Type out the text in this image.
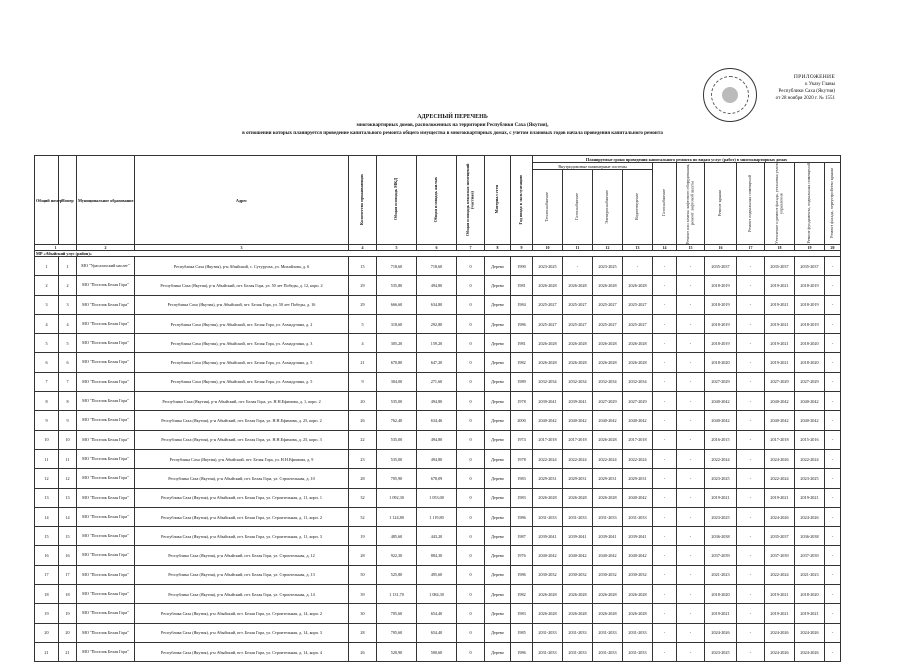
ПРИЛОЖЕНИЕ
к Указу Главы
Республики Саха (Якутия)
от 28 ноября 2020 г. № 1551
АДРЕСНЫЙ ПЕРЕЧЕНЬ
многоквартирных домов, расположенных на территории Республики Саха (Якутия),
в отношении которых планируется проведение капитального ремонта общего имущества в многоквартирных домах, с учетом плановых годов начала проведения капитального ремонта
Общий номер	Номер	Муниципальное образование	Адрес	Количество проживающих	Общая площадь МКД	Общая площадь жилых	Общая площадь нежилых помещений (частная)	Материал стен	Год ввода в эксплуатацию	Планируемые сроки проведения капитального ремонта по видам услуг (работ) в многоквартирных домах										
										Внутридомовые инженерные системы				Газоснабжение	Ремонт или замена лифтового оборудования, ремонт лифтовой шахты	Ремонт крыши	Ремонт подвальных помещений	Утепление и ремонт фасада, установка узлов управления	Ремонт фундамента, подвальных помещений	Ремонт фасада, переустройство крыши
										Теплоснабжение	Газоснабжение	Электроснабжение	Водоотведение							
1		2	3	4	5	6	7	8	9	10	11	12	13	14	15	16	17	18	19	20
МР «Абыйский улус (район)»																				
1	1	МО "Урасалахский наслег"	Республика Саха (Якутия), р-н Абыйский, с. Сутуруоха, ул. Михайлова, д. 6	15	718,60	718,60	0	Дерево	1990	2023-2025	-	2023-2025	-	-	-	2035-2037	-	2035-2037	2035-2037	-
2	2	МО "Поселок Белая Гора"	Республика Саха (Якутия), р-н Абыйский, пгт. Белая Гора, ул. 50 лет Победы, д. 12, корп. 2	29	535,80	494,80	0	Дерево	1981	2026-2028	2026-2028	2026-2028	2026-2028	-	-	2018-2019	-	2019-2021	2018-2019	-
3	3	МО "Поселок Белая Гора"	Республика Саха (Якутия), р-н Абыйский, пгт. Белая Гора, ул. 50 лет Победы, д. 16	29	666,60	634,80	0	Дерево	1984	2025-2027	2025-2027	2025-2027	2025-2027	-	-	2018-2019	-	2019-2021	2018-2019	-
4	4	МО "Поселок Белая Гора"	Республика Саха (Якутия), р-н Абыйский, пгт. Белая Гора, ул. Ахмадулина, д. 2	5	318,60	292,80	0	Дерево	1986	2025-2027	2025-2027	2025-2027	2025-2027	-	-	2018-2019	-	2019-2021	2018-2019	-
5	5	МО "Поселок Белая Гора"	Республика Саха (Якутия), р-н Абыйский, пгт. Белая Гора, ул. Ахмадулина, д. 3	4	305,20	159,20	0	Дерево	1981	2026-2028	2026-2028	2026-2028	2026-2028	-	-	2018-2019	-	2019-2021	2018-2020	-
6	6	МО "Поселок Белая Гора"	Республика Саха (Якутия), р-н Абыйский, пгт. Белая Гора, ул. Ахмадулина, д. 5	21	670,80	647,20	0	Дерево	1982	2026-2028	2026-2028	2026-2028	2026-2028	-	-	2018-2020	-	2019-2021	2018-2020	-
7	7	МО "Поселок Белая Гора"	Республика Саха (Якутия), р-н Абыйский, пгт. Белая Гора, ул. Ахмадулина, д. 5	9	304,00	271,60	0	Дерево	1989	2032-2034	2032-2034	2032-2034	2032-2034	-	-	2027-2029	-	2027-2029	2027-2029	-
8	8	МО "Поселок Белая Гора"	Республика Саха (Якутия), р-н Абыйский, пгт. Белая Гора, ул. Н.Н.Ефимова, д. 1, корп. 2	20	535,00	494,80	0	Дерево	1978	2039-2041	2039-2041	2027-2029	2027-2029	-	-	2040-2042	-	2040-2042	2040-2042	-
9	9	МО "Поселок Белая Гора"	Республика Саха (Якутия), р-н Абыйский, пгт. Белая Гора, ул. Н.Н.Ефимова, д. 25, корп. 2	26	762,40	634,46	0	Дерево	2000	2040-2042	2040-2042	2040-2042	2040-2042	-	-	2040-2042	-	2040-2042	2040-2042	-
10	10	МО "Поселок Белая Гора"	Республика Саха (Якутия), р-н Абыйский, пгт. Белая Гора, ул. Н.Н.Ефимова, д. 25, корп. 3	22	535,00	494,80	0	Дерево	1974	2017-2018	2017-2018	2026-2028	2017-2018	-	-	2016-2015	-	2017-2018	2015-2016	-
11	11	МО "Поселок Белая Гора"	Республика Саха (Якутия), р-н Абыйский, пгт. Белая Гора, ул. Н.Н.Ефимова, д. 9	23	535,00	494,80	0	Дерево	1978	2022-2024	2022-2024	2022-2024	2022-2024	-	-	2022-2024	-	2024-2026	2022-2024	-
12	12	МО "Поселок Белая Гора"	Республика Саха (Якутия), р-н Абыйский, пгт. Белая Гора, ул. Строительная, д. 10	28	705,90	678,09	0	Дерево	1983	2029-2031	2029-2031	2029-2031	2029-2031	-	-	2023-2025	-	2022-2024	2023-2025	-
13	13	МО "Поселок Белая Гора"	Республика Саха (Якутия), р-н Абыйский, пгт. Белая Гора, ул. Строительная, д. 11, корп. 1	32	1 092,30	1 053,00	0	Дерево	1983	2026-2028	2026-2028	2026-2028	2040-2042	-	-	2019-2021	-	2019-2021	2019-2021	-
14	14	МО "Поселок Белая Гора"	Республика Саха (Якутия), р-н Абыйский, пгт. Белая Гора, ул. Строительная, д. 11, корп. 2	52	1 124,80	1 119,80	0	Дерево	1986	2031-2033	2031-2033	2031-2033	2031-2033	-	-	2023-2025	-	2024-2026	2024-2026	-
15	15	МО "Поселок Белая Гора"	Республика Саха (Якутия), р-н Абыйский, пгт. Белая Гора, ул. Строительная, д. 11, корп. 3	19	485,60	443,20	0	Дерево	1987	2039-2041	2039-2041	2039-2041	2039-2041	-	-	2036-2038	-	2035-2037	2036-2038	-
16	16	МО "Поселок Белая Гора"	Республика Саха (Якутия), р-н Абыйский, пгт. Белая Гора, ул. Строительная, д. 12	28	922,30	884,30	0	Дерево	1976	2040-2042	2040-2042	2040-2042	2040-2042	-	-	2037-2039	-	2037-2039	2037-2039	-
17	17	МО "Поселок Белая Гора"	Республика Саха (Якутия), р-н Абыйский, пгт. Белая Гора, ул. Строительная, д. 13	50	525,80	495,60	0	Дерево	1986	2030-2032	2030-2032	2030-2032	2030-2032	-	-	2021-2023	-	2022-2024	2021-2023	-
18	18	МО "Поселок Белая Гора"	Республика Саха (Якутия), р-н Абыйский, пгт. Белая Гора, ул. Строительная, д. 14	39	1 131,70	1 084,30	0	Дерево	1982	2026-2028	2026-2028	2026-2028	2026-2028	-	-	2018-2020	-	2019-2021	2018-2020	-
19	19	МО "Поселок Белая Гора"	Республика Саха (Якутия), р-н Абыйский, пгт. Белая Гора, ул. Строительная, д. 14, корп. 2	30	705,60	654,40	0	Дерево	1983	2026-2028	2026-2028	2026-2028	2026-2028	-	-	2019-2021	-	2019-2021	2019-2021	-
20	20	МО "Поселок Белая Гора"	Республика Саха (Якутия), р-н Абыйский, пгт. Белая Гора, ул. Строительная, д. 14, корп. 3	28	705,60	654,40	0	Дерево	1985	2031-2033	2031-2033	2031-2033	2031-2033	-	-	2024-2026	-	2024-2026	2024-2026	-
21	21	МО "Поселок Белая Гора"	Республика Саха (Якутия), р-н Абыйский, пгт. Белая Гора, ул. Строительная, д. 14, корп. 4	26	520,90	500,60	0	Дерево	1986	2031-2033	2031-2033	2031-2033	2031-2033	-	-	2023-2025	-	2024-2026	2024-2026	-
